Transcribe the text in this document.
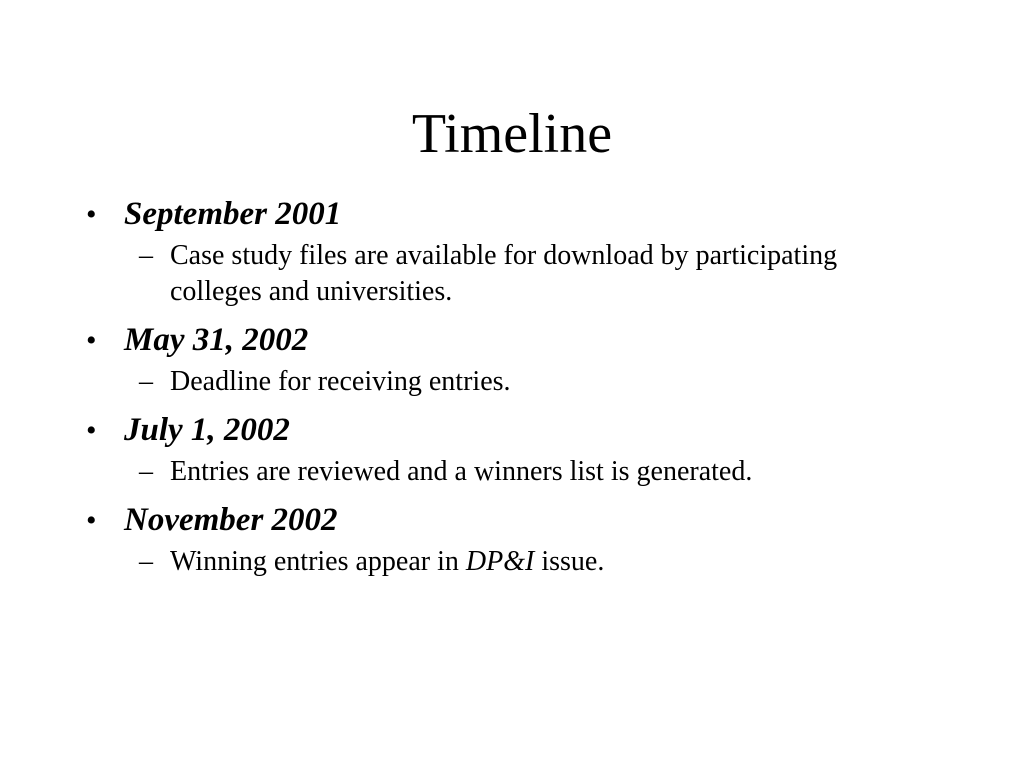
Timeline
• September 2001
– Case study files are available for download by participating colleges and universities.
• May 31, 2002
– Deadline for receiving entries.
• July 1, 2002
– Entries are reviewed and a winners list is generated.
• November 2002
– Winning entries appear in DP&I issue.
